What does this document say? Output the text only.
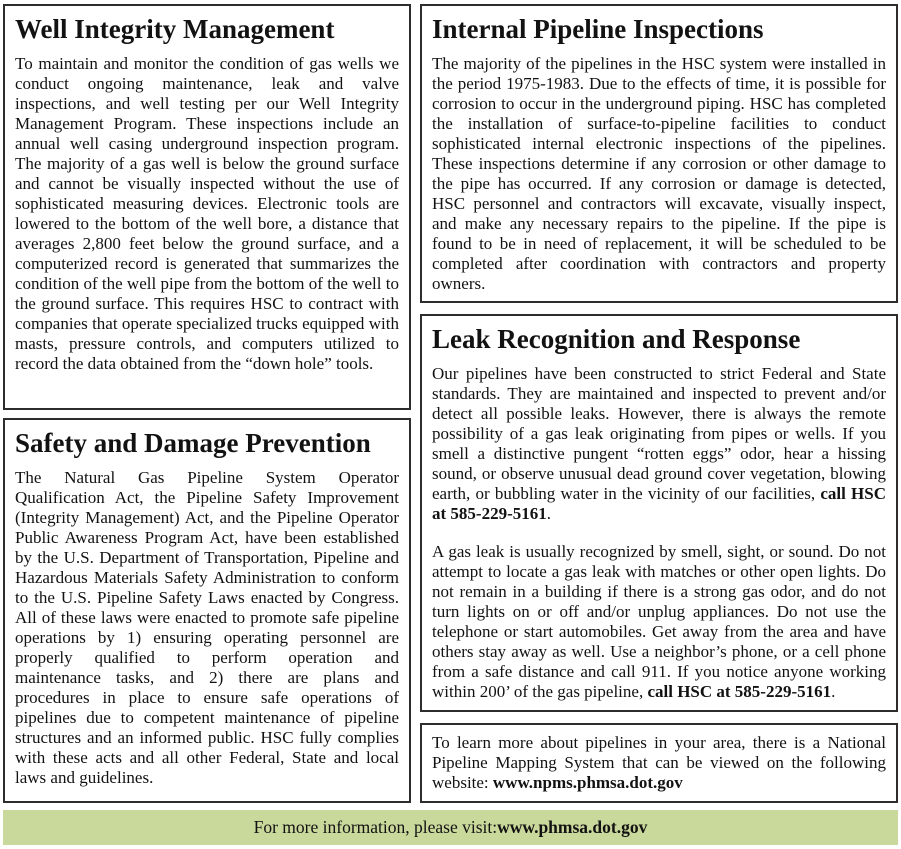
Well Integrity Management

To maintain and monitor the condition of gas wells we conduct ongoing maintenance, leak and valve inspections, and well testing per our Well Integrity Management Program. These inspections include an annual well casing underground inspection program. The majority of a gas well is below the ground surface and cannot be visually inspected without the use of sophisticated measuring devices. Electronic tools are lowered to the bottom of the well bore, a distance that averages 2,800 feet below the ground surface, and a computerized record is generated that summarizes the condition of the well pipe from the bottom of the well to the ground surface. This requires HSC to contract with companies that operate specialized trucks equipped with masts, pressure controls, and computers utilized to record the data obtained from the “down hole” tools.

Safety and Damage Prevention

The Natural Gas Pipeline System Operator Qualification Act, the Pipeline Safety Improvement (Integrity Management) Act, and the Pipeline Operator Public Awareness Program Act, have been established by the U.S. Department of Transportation, Pipeline and Hazardous Materials Safety Administration to conform to the U.S. Pipeline Safety Laws enacted by Congress. All of these laws were enacted to promote safe pipeline operations by 1) ensuring operating personnel are properly qualified to perform operation and maintenance tasks, and 2) there are plans and procedures in place to ensure safe operations of pipelines due to competent maintenance of pipeline structures and an informed public. HSC fully complies with these acts and all other Federal, State and local laws and guidelines.

Internal Pipeline Inspections

The majority of the pipelines in the HSC system were installed in the period 1975-1983. Due to the effects of time, it is possible for corrosion to occur in the underground piping. HSC has completed the installation of surface-to-pipeline facilities to conduct sophisticated internal electronic inspections of the pipelines. These inspections determine if any corrosion or other damage to the pipe has occurred. If any corrosion or damage is detected, HSC personnel and contractors will excavate, visually inspect, and make any necessary repairs to the pipeline. If the pipe is found to be in need of replacement, it will be scheduled to be completed after coordination with contractors and property owners.

Leak Recognition and Response

Our pipelines have been constructed to strict Federal and State standards. They are maintained and inspected to prevent and/or detect all possible leaks. However, there is always the remote possibility of a gas leak originating from pipes or wells. If you smell a distinctive pungent “rotten eggs” odor, hear a hissing sound, or observe unusual dead ground cover vegetation, blowing earth, or bubbling water in the vicinity of our facilities, call HSC at 585-229-5161.

A gas leak is usually recognized by smell, sight, or sound. Do not attempt to locate a gas leak with matches or other open lights. Do not remain in a building if there is a strong gas odor, and do not turn lights on or off and/or unplug appliances. Do not use the telephone or start automobiles. Get away from the area and have others stay away as well. Use a neighbor’s phone, or a cell phone from a safe distance and call 911. If you notice anyone working within 200’ of the gas pipeline, call HSC at 585-229-5161.

To learn more about pipelines in your area, there is a National Pipeline Mapping System that can be viewed on the following website: www.npms.phmsa.dot.gov

For more information, please visit: www.phmsa.dot.gov
